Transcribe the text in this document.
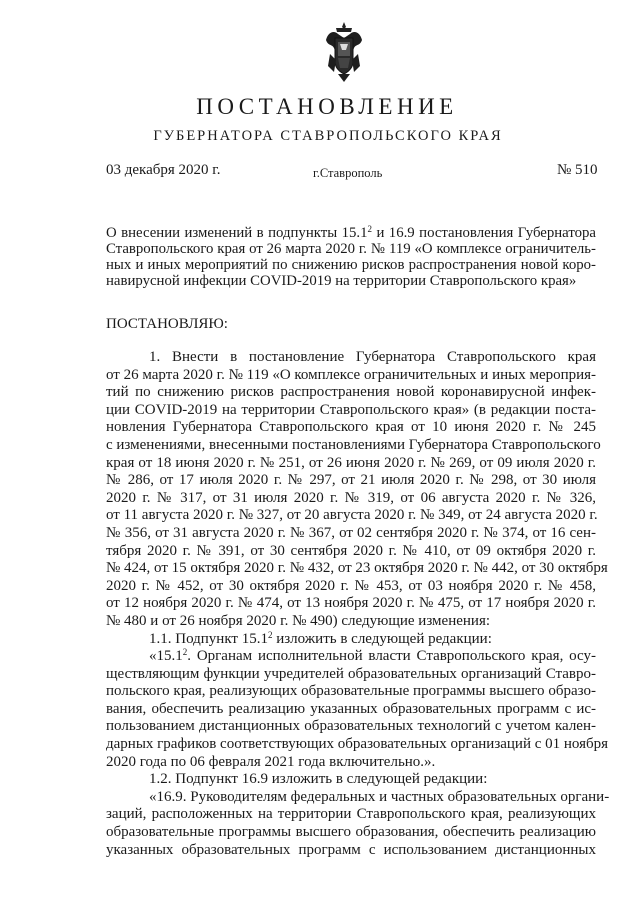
ПОСТАНОВЛЕНИЕ
ГУБЕРНАТОРА СТАВРОПОЛЬСКОГО КРАЯ
03 декабря 2020 г.	г.Ставрополь	№ 510
О внесении изменений в подпункты 15.1$^2$ и 16.9 постановления Губернатора
Ставропольского края от 26 марта 2020 г. № 119 «О комплексе ограничитель-
ных и иных мероприятий по снижению рисков распространения новой коро-
навирусной инфекции COVID-2019 на территории Ставропольского края»
ПОСТАНОВЛЯЮ:
1. Внести в постановление Губернатора Ставропольского края
от 26 марта 2020 г. № 119 «О комплексе ограничительных и иных мероприя-
тий по снижению рисков распространения новой коронавирусной инфек-
ции COVID-2019 на территории Ставропольского края» (в редакции поста-
новления Губернатора Ставропольского края от 10 июня 2020 г. № 245
с изменениями, внесенными постановлениями Губернатора Ставропольского
края от 18 июня 2020 г. № 251, от 26 июня 2020 г. № 269, от 09 июля 2020 г.
№ 286, от 17 июля 2020 г. № 297, от 21 июля 2020 г. № 298, от 30 июля
2020 г. № 317, от 31 июля 2020 г. № 319, от 06 августа 2020 г. № 326,
от 11 августа 2020 г. № 327, от 20 августа 2020 г. № 349, от 24 августа 2020 г.
№ 356, от 31 августа 2020 г. № 367, от 02 сентября 2020 г. № 374, от 16 сен-
тября 2020 г. № 391, от 30 сентября 2020 г. № 410, от 09 октября 2020 г.
№ 424, от 15 октября 2020 г. № 432, от 23 октября 2020 г. № 442, от 30 октября
2020 г. № 452, от 30 октября 2020 г. № 453, от 03 ноября 2020 г. № 458,
от 12 ноября 2020 г. № 474, от 13 ноября 2020 г. № 475, от 17 ноября 2020 г.
№ 480 и от 26 ноября 2020 г. № 490) следующие изменения:
1.1. Подпункт 15.1$^2$ изложить в следующей редакции:
«15.1$^2$. Органам исполнительной власти Ставропольского края, осу-
ществляющим функции учредителей образовательных организаций Ставро-
польского края, реализующих образовательные программы высшего образо-
вания, обеспечить реализацию указанных образовательных программ с ис-
пользованием дистанционных образовательных технологий с учетом кален-
дарных графиков соответствующих образовательных организаций с 01 ноября
2020 года по 06 февраля 2021 года включительно.».
1.2. Подпункт 16.9 изложить в следующей редакции:
«16.9. Руководителям федеральных и частных образовательных органи-
заций, расположенных на территории Ставропольского края, реализующих
образовательные программы высшего образования, обеспечить реализацию
указанных образовательных программ с использованием дистанционных
